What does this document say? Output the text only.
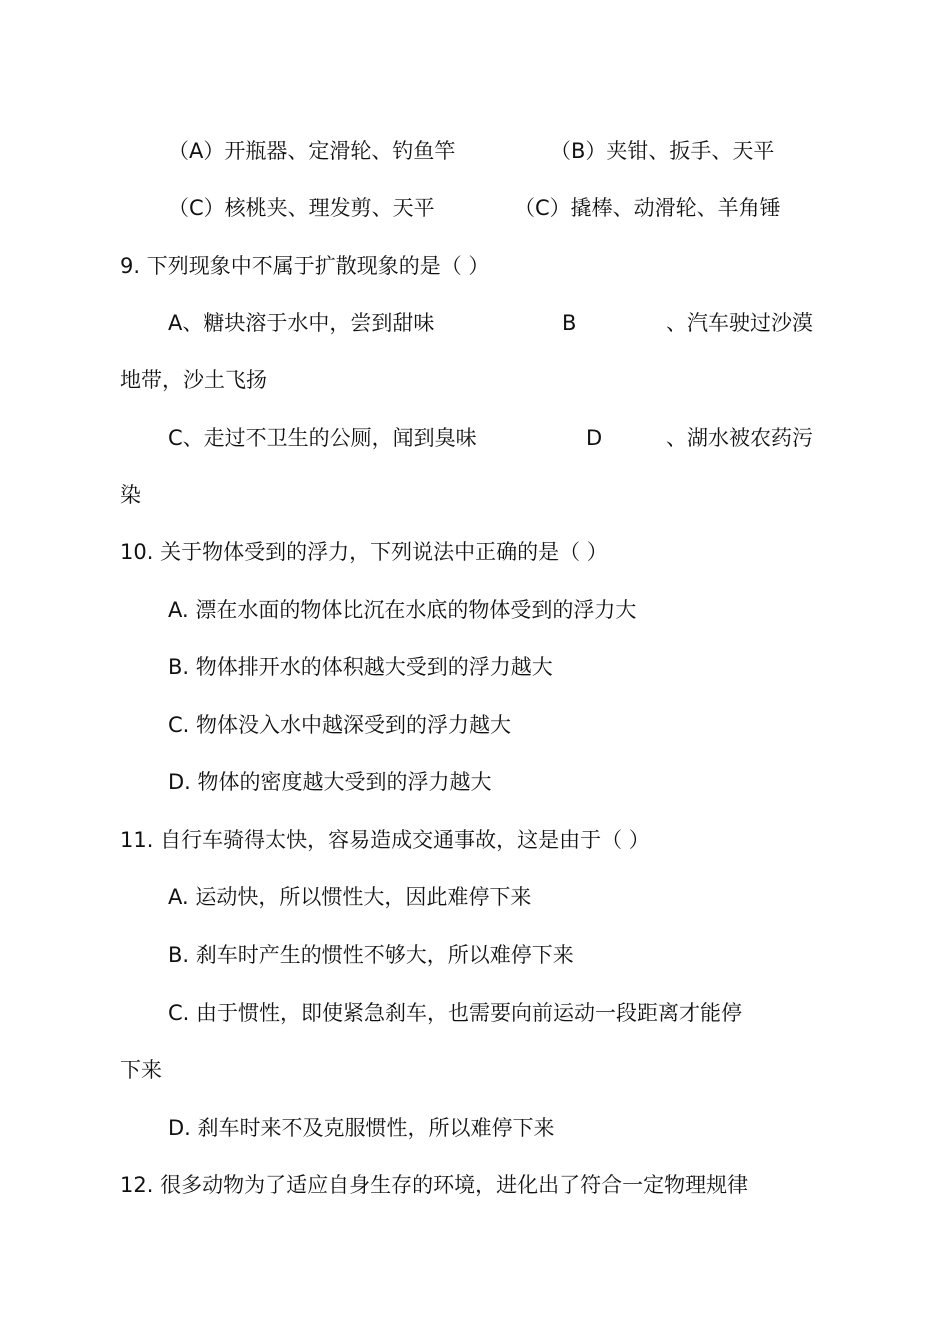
（A）开瓶器、定滑轮、钓鱼竿	（B）夹钳、扳手、天平
（C）核桃夹、理发剪、天平	（C）撬棒、动滑轮、羊角锤
9. 下列现象中不属于扩散现象的是（ ）
A、糖块溶于水中，尝到甜味	B	、汽车驶过沙漠
地带，沙土飞扬
C、走过不卫生的公厕，闻到臭味	D	、湖水被农药污
染
10. 关于物体受到的浮力，下列说法中正确的是（ ）
A. 漂在水面的物体比沉在水底的物体受到的浮力大
B. 物体排开水的体积越大受到的浮力越大
C. 物体没入水中越深受到的浮力越大
D. 物体的密度越大受到的浮力越大
11. 自行车骑得太快，容易造成交通事故，这是由于（ ）
A. 运动快，所以惯性大，因此难停下来
B. 刹车时产生的惯性不够大，所以难停下来
C. 由于惯性，即使紧急刹车，也需要向前运动一段距离才能停
下来
D. 刹车时来不及克服惯性，所以难停下来
12. 很多动物为了适应自身生存的环境，进化出了符合一定物理规律
